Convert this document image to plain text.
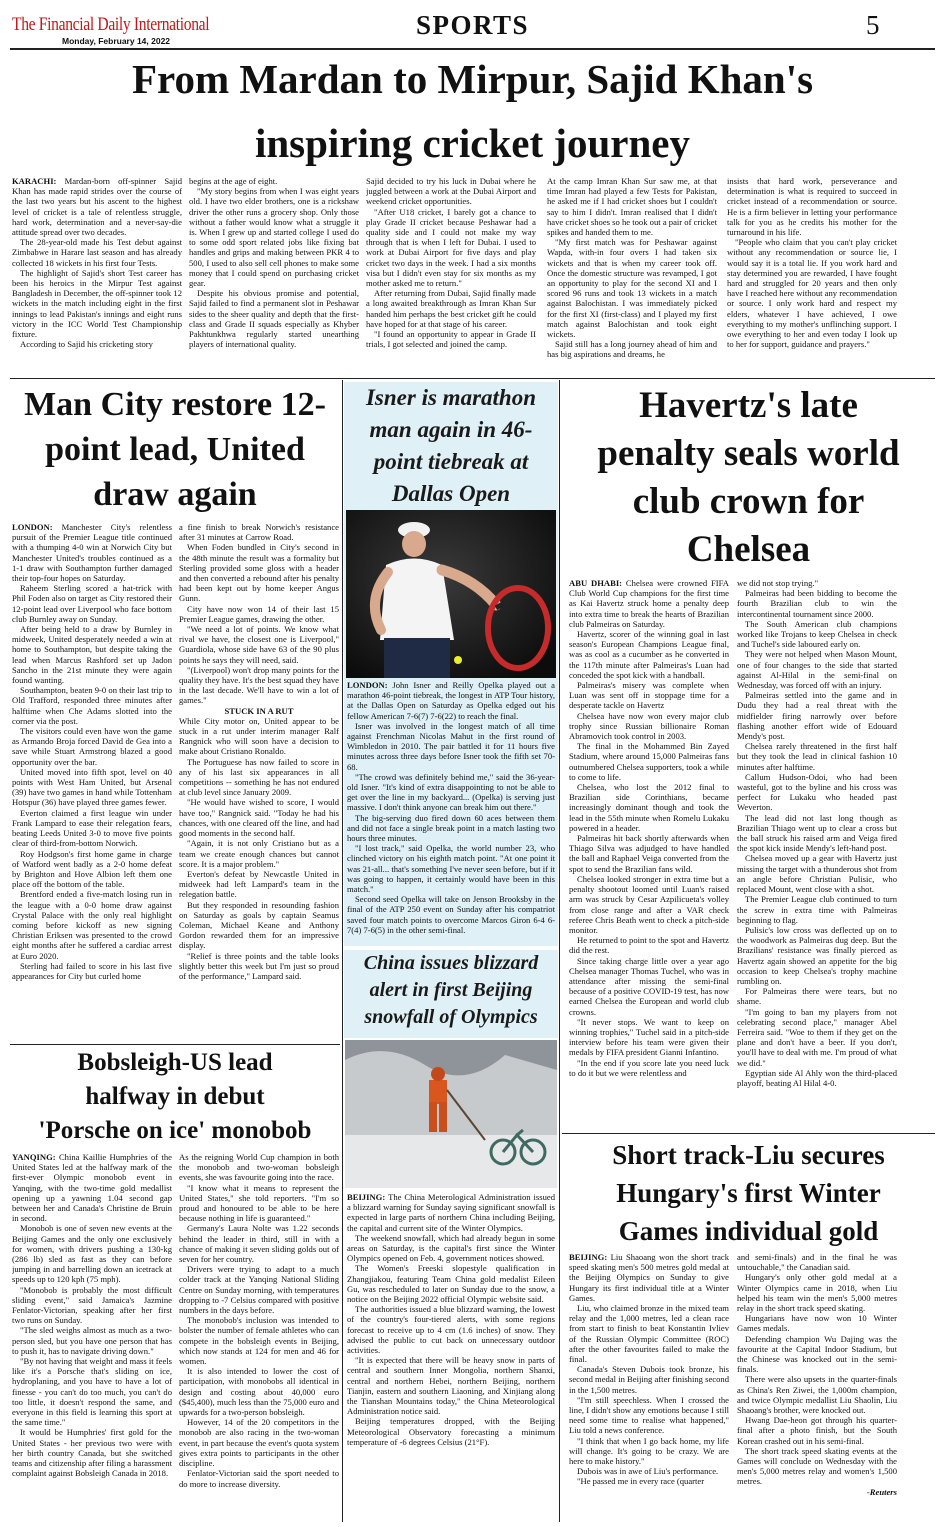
The Financial Daily International
Monday, February 14, 2022
SPORTS	5
From Mardan to Mirpur, Sajid Khan's
inspiring cricket journey

KARACHI: Mardan-born off-spinner Sajid Khan has made rapid strides over the course of the last two years but his ascent to the highest level of cricket is a tale of relentless struggle, hard work, determination and a never-say-die attitude spread over two decades.

The 28-year-old made his Test debut against Zimbabwe in Harare last season and has already collected 18 wickets in his first four Tests.

The highlight of Sajid's short Test career has been his heroics in the Mirpur Test against Bangladesh in December, the off-spinner took 12 wickets in the match including eight in the first innings to lead Pakistan's innings and eight runs victory in the ICC World Test Championship fixture.

According to Sajid his cricketing story

begins at the age of eight.

"My story begins from when I was eight years old. I have two elder brothers, one is a rickshaw driver the other runs a grocery shop. Only those without a father would know what a struggle it is. When I grew up and started college I used do to some odd sport related jobs like fixing bat handles and grips and making between PKR 4 to 500, I used to also sell cell phones to make some money that I could spend on purchasing cricket gear.

Despite his obvious promise and potential, Sajid failed to find a permanent slot in Peshawar sides to the sheer quality and depth that the first-class and Grade II squads especially as Khyber Pakhtunkhwa regularly started unearthing players of international quality.

Sajid decided to try his luck in Dubai where he juggled between a work at the Dubai Airport and weekend cricket opportunities.

"After U18 cricket, I barely got a chance to play Grade II cricket because Peshawar had a quality side and I could not make my way through that is when I left for Dubai. I used to work at Dubai Airport for five days and play cricket two days in the week. I had a six months visa but I didn't even stay for six months as my mother asked me to return."

After returning from Dubai, Sajid finally made a long awaited breakthrough as Imran Khan Sur handed him perhaps the best cricket gift he could have hoped for at that stage of his career.

"I found an opportunity to appear in Grade II trials, I got selected and joined the camp.

At the camp Imran Khan Sur saw me, at that time Imran had played a few Tests for Pakistan, he asked me if I had cricket shoes but I couldn't say to him I didn't. Imran realised that I didn't have cricket shoes so he took out a pair of cricket spikes and handed them to me.

"My first match was for Peshawar against Wapda, with-in four overs I had taken six wickets and that is when my career took off. Once the domestic structure was revamped, I got an opportunity to play for the second XI and I scored 96 runs and took 13 wickets in a match against Balochistan. I was immediately picked for the first XI (first-class) and I played my first match against Balochistan and took eight wickets.

Sajid still has a long journey ahead of him and has big aspirations and dreams, he

insists that hard work, perseverance and determination is what is required to succeed in cricket instead of a recommendation or source. He is a firm believer in letting your performance talk for you as he credits his mother for the turnaround in his life.

"People who claim that you can't play cricket without any recommendation or source lie, I would say it is a total lie. If you work hard and stay determined you are rewarded, I have fought hard and struggled for 20 years and then only have I reached here without any recommendation or source. I only work hard and respect my elders, whatever I have achieved, I owe everything to my mother's unflinching support. I owe everything to her and even today I look up to her for support, guidance and prayers."

Man City restore 12-point lead, United draw again

LONDON: Manchester City's relentless pursuit of the Premier League title continued with a thumping 4-0 win at Norwich City but Manchester United's troubles continued as a 1-1 draw with Southampton further damaged their top-four hopes on Saturday.

Raheem Sterling scored a hat-trick with Phil Foden also on target as City restored their 12-point lead over Liverpool who face bottom club Burnley away on Sunday.

After being held to a draw by Burnley in midweek, United desperately needed a win at home to Southampton, but despite taking the lead when Marcus Rashford set up Jadon Sancho in the 21st minute they were again found wanting.

Southampton, beaten 9-0 on their last trip to Old Trafford, responded three minutes after halftime when Che Adams slotted into the corner via the post.

The visitors could even have won the game as Armando Broja forced David de Gea into a save while Stuart Armstrong blazed a good opportunity over the bar.

United moved into fifth spot, level on 40 points with West Ham United, but Arsenal (39) have two games in hand while Tottenham Hotspur (36) have played three games fewer.

Everton claimed a first league win under Frank Lampard to ease their relegation fears, beating Leeds United 3-0 to move five points clear of third-from-bottom Norwich.

Roy Hodgson's first home game in charge of Watford went badly as a 2-0 home defeat by Brighton and Hove Albion left them one place off the bottom of the table.

Brentford ended a five-match losing run in the league with a 0-0 home draw against Crystal Palace with the only real highlight coming before kickoff as new signing Christian Eriksen was presented to the crowd eight months after he suffered a cardiac arrest at Euro 2020.

Sterling had failed to score in his last five appearances for City but curled home

a fine finish to break Norwich's resistance after 31 minutes at Carrow Road.

When Foden bundled in City's second in the 48th minute the result was a formality but Sterling provided some gloss with a header and then converted a rebound after his penalty had been kept out by home keeper Angus Gunn.

City have now won 14 of their last 15 Premier League games, drawing the other.

"We need a lot of points. We know what rival we have, the closest one is Liverpool," Guardiola, whose side have 63 of the 90 plus points he says they will need, said.

"(Liverpool) won't drop many points for the quality they have. It's the best squad they have in the last decade. We'll have to win a lot of games."

STUCK IN A RUT

While City motor on, United appear to be stuck in a rut under interim manager Ralf Rangnick who will soon have a decision to make about Cristiano Ronaldo.

The Portuguese has now failed to score in any of his last six appearances in all competitions -- something he has not endured at club level since January 2009.

"He would have wished to score, I would have too," Rangnick said. "Today he had his chances, with one cleared off the line, and had good moments in the second half.

"Again, it is not only Cristiano but as a team we create enough chances but cannot score. It is a major problem."

Everton's defeat by Newcastle United in midweek had left Lampard's team in the relegation battle.

But they responded in resounding fashion on Saturday as goals by captain Seamus Coleman, Michael Keane and Anthony Gordon rewarded them for an impressive display.

"Relief is three points and the table looks slightly better this week but I'm just so proud of the performance," Lampard said.

Bobsleigh-US lead
halfway in debut
'Porsche on ice' monobob

YANQING: China Kaillie Humphries of the United States led at the halfway mark of the first-ever Olympic monobob event in Yanqing, with the two-time gold medallist opening up a yawning 1.04 second gap between her and Canada's Christine de Bruin in second.

Monobob is one of seven new events at the Beijing Games and the only one exclusively for women, with drivers pushing a 130-kg (286 lb) sled as fast as they can before jumping in and barrelling down an icetrack at speeds up to 120 kph (75 mph).

"Monobob is probably the most difficult sliding event," said Jamaica's Jazmine Fenlator-Victorian, speaking after her first two runs on Sunday.

"The sled weighs almost as much as a two-person sled, but you have one person that has to push it, has to navigate driving down."

"By not having that weight and mass it feels like it's a Porsche that's sliding on ice, hydroplaning, and you have to have a lot of finesse - you can't do too much, you can't do too little, it doesn't respond the same, and everyone in this field is learning this sport at the same time."

It would be Humphries' first gold for the United States - her previous two were with her birth country Canada, but she switched teams and citizenship after filing a harassment complaint against Bobsleigh Canada in 2018.

As the reigning World Cup champion in both the monobob and two-woman bobsleigh events, she was favourite going into the race.

"I know what it means to represent the United States," she told reporters. "I'm so proud and honoured to be able to be here because nothing in life is guaranteed."

Germany's Laura Nolte was 1.22 seconds behind the leader in third, still in with a chance of making it seven sliding golds out of seven for her country.

Drivers were trying to adapt to a much colder track at the Yanqing National Sliding Centre on Sunday morning, with temperatures dropping to -7 Celsius compared with positive numbers in the days before.

The monobob's inclusion was intended to bolster the number of female athletes who can compete in the bobsleigh events in Beijing, which now stands at 124 for men and 46 for women.

It is also intended to lower the cost of participation, with monobobs all identical in design and costing about 40,000 euro ($45,400), much less than the 75,000 euro and upwards for a two-person bobsleigh.

However, 14 of the 20 competitors in the monobob are also racing in the two-woman event, in part because the event's quota system gives extra points to participants in the other discipline.

Fenlator-Victorian said the sport needed to do more to increase diversity.

Isner is marathon man again in 46-point tiebreak at Dallas Open

LONDON: John Isner and Reilly Opelka played out a marathon 46-point tiebreak, the longest in ATP Tour history, at the Dallas Open on Saturday as Opelka edged out his fellow American 7-6(7) 7-6(22) to reach the final.

Isner was involved in the longest match of all time against Frenchman Nicolas Mahut in the first round of Wimbledon in 2010. The pair battled it for 11 hours five minutes across three days before Isner took the fifth set 70-68.

"The crowd was definitely behind me," said the 36-year-old Isner. "It's kind of extra disappointing to not be able to get over the line in my backyard... (Opelka) is serving just massive. I don't think anyone can break him out there."

The big-serving duo fired down 60 aces between them and did not face a single break point in a match lasting two hours three minutes.

"I lost track," said Opelka, the world number 23, who clinched victory on his eighth match point. "At one point it was 21-all... that's something I've never seen before, but if it was going to happen, it certainly would have been in this match."

Second seed Opelka will take on Jenson Brooksby in the final of the ATP 250 event on Sunday after his compatriot saved four match points to overcome Marcos Giron 6-4 6-7(4) 7-6(5) in the other semi-final.

China issues blizzard alert in first Beijing snowfall of Olympics

BEIJING: The China Meterological Administration issued a blizzard warning for Sunday saying significant snowfall is expected in large parts of northern China including Beijing, the capital and current site of the Winter Olympics.

The weekend snowfall, which had already begun in some areas on Saturday, is the capital's first since the Winter Olympics opened on Feb. 4, government notices showed.

The Women's Freeski slopestyle qualification in Zhangjiakou, featuring Team China gold medalist Eileen Gu, was rescheduled to later on Sunday due to the snow, a notice on the Beijing 2022 official Olympic website said.

The authorities issued a blue blizzard warning, the lowest of the country's four-tiered alerts, with some regions forecast to receive up to 4 cm (1.6 inches) of snow. They advised the public to cut back on unnecessary outdoor activities.

"It is expected that there will be heavy snow in parts of central and southern Inner Mongolia, northern Shanxi, central and northern Hebei, northern Beijing, northern Tianjin, eastern and southern Liaoning, and Xinjiang along the Tianshan Mountains today," the China Meteorological Administration notice said.

Beijing temperatures dropped, with the Beijing Meteorological Observatory forecasting a minimum temperature of -6 degrees Celsius (21°F).

Havertz's late penalty seals world club crown for Chelsea

ABU DHABI: Chelsea were crowned FIFA Club World Cup champions for the first time as Kai Havertz struck home a penalty deep into extra time to break the hearts of Brazilian club Palmeiras on Saturday.

Havertz, scorer of the winning goal in last season's European Champions League final, was as cool as a cucumber as he converted in the 117th minute after Palmeiras's Luan had conceded the spot kick with a handball.

Palmeiras's misery was complete when Luan was sent off in stoppage time for a desperate tackle on Havertz

Chelsea have now won every major club trophy since Russian billionaire Roman Abramovich took control in 2003.

The final in the Mohammed Bin Zayed Stadium, where around 15,000 Palmeiras fans outnumbered Chelsea supporters, took a while to come to life.

Chelsea, who lost the 2012 final to Brazilian side Corinthians, became increasingly dominant though and took the lead in the 55th minute when Romelu Lukaku powered in a header.

Palmeiras hit back shortly afterwards when Thiago Silva was adjudged to have handled the ball and Raphael Veiga converted from the spot to send the Brazilian fans wild.

Chelsea looked stronger in extra time but a penalty shootout loomed until Luan's raised arm was struck by Cesar Azpilicueta's volley from close range and after a VAR check referee Chris Beath went to check a pitch-side monitor.

He returned to point to the spot and Havertz did the rest.

Since taking charge little over a year ago Chelsea manager Thomas Tuchel, who was in attendance after missing the semi-final because of a positive COVID-19 test, has now earned Chelsea the European and world club crowns.

"It never stops. We want to keep on winning trophies," Tuchel said in a pitch-side interview before his team were given their medals by FIFA president Gianni Infantino.

"In the end if you score late you need luck to do it but we were relentless and

we did not stop trying."

Palmeiras had been bidding to become the fourth Brazilian club to win the intercontinental tournament since 2000.

The South American club champions worked like Trojans to keep Chelsea in check and Tuchel's side laboured early on.

They were not helped when Mason Mount, one of four changes to the side that started against Al-Hilal in the semi-final on Wednesday, was forced off with an injury.

Palmeiras settled into the game and in Dudu they had a real threat with the midfielder firing narrowly over before flashing another effort wide of Edouard Mendy's post.

Chelsea rarely threatened in the first half but they took the lead in clinical fashion 10 minutes after halftime.

Callum Hudson-Odoi, who had been wasteful, got to the byline and his cross was perfect for Lukaku who headed past Weverton.

The lead did not last long though as Brazilian Thiago went up to clear a cross but the ball struck his raised arm and Veiga fired the spot kick inside Mendy's left-hand post.

Chelsea moved up a gear with Havertz just missing the target with a thunderous shot from an angle before Christian Pulisic, who replaced Mount, went close with a shot.

The Premier League club continued to turn the screw in extra time with Palmeiras beginning to flag.

Pulisic's low cross was deflected up on to the woodwork as Palmeiras dug deep. But the Brazilians' resistance was finally pierced as Havertz again showed an appetite for the big occasion to keep Chelsea's trophy machine rumbling on.

For Palmeiras there were tears, but no shame.

"I'm going to ban my players from not celebrating second place," manager Abel Ferreira said. "Woe to them if they get on the plane and don't have a beer. If you don't, you'll have to deal with me. I'm proud of what we did."

Egyptian side Al Ahly won the third-placed playoff, beating Al Hilal 4-0.

Short track-Liu secures Hungary's first Winter Games individual gold

BEIJING: Liu Shaoang won the short track speed skating men's 500 metres gold medal at the Beijing Olympics on Sunday to give Hungary its first individual title at a Winter Games.

Liu, who claimed bronze in the mixed team relay and the 1,000 metres, led a clean race from start to finish to beat Konstantin Ivliev of the Russian Olympic Committee (ROC) after the other favourites failed to make the final.

Canada's Steven Dubois took bronze, his second medal in Beijing after finishing second in the 1,500 metres.

"I'm still speechless. When I crossed the line, I didn't show any emotions because I still need some time to realise what happened," Liu told a news conference.

"I think that when I go back home, my life will change. It's going to be crazy. We are here to make history."

Dubois was in awe of Liu's performance.

"He passed me in every race (quarter

and semi-finals) and in the final he was untouchable," the Canadian said.

Hungary's only other gold medal at a Winter Olympics came in 2018, when Liu helped his team win the men's 5,000 metres relay in the short track speed skating.

Hungarians have now won 10 Winter Games medals.

Defending champion Wu Dajing was the favourite at the Capital Indoor Stadium, but the Chinese was knocked out in the semi-finals.

There were also upsets in the quarter-finals as China's Ren Ziwei, the 1,000m champion, and twice Olympic medallist Liu Shaolin, Liu Shaoang's brother, were knocked out.

Hwang Dae-heon got through his quarter-final after a photo finish, but the South Korean crashed out in his semi-final.

The short track speed skating events at the Games will conclude on Wednesday with the men's 5,000 metres relay and women's 1,500 metres.

-Reuters
